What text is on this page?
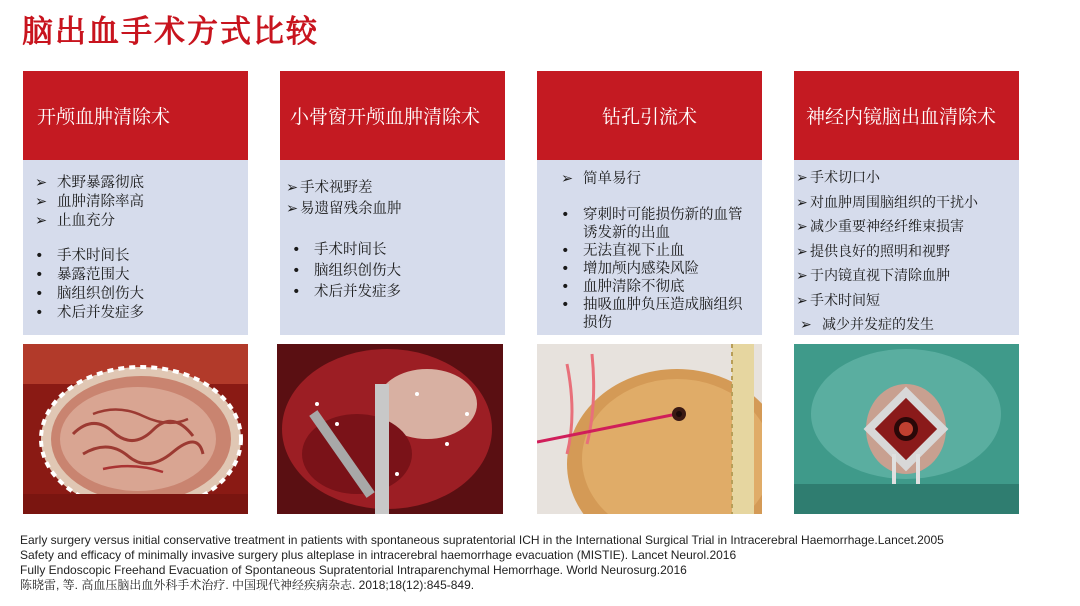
脑出血手术方式比较
开颅血肿清除术
➢ 术野暴露彻底
➢ 血肿清除率高
➢ 止血充分
• 手术时间长
• 暴露范围大
• 脑组织创伤大
• 术后并发症多
小骨窗开颅血肿清除术
➢ 手术视野差
➢ 易遗留残余血肿
• 手术时间长
• 脑组织创伤大
• 术后并发症多
钻孔引流术
➢ 简单易行
• 穿刺时可能损伤新的血管诱发新的出血
• 无法直视下止血
• 增加颅内感染风险
• 血肿清除不彻底
• 抽吸血肿负压造成脑组织损伤
神经内镜脑出血清除术
➢ 手术切口小
➢ 对血肿周围脑组织的干扰小
➢ 减少重要神经纤维束损害
➢ 提供良好的照明和视野
➢ 于内镜直视下清除血肿
➢ 手术时间短
➢ 减少并发症的发生
Early surgery versus initial conservative treatment in patients with spontaneous supratentorial ICH in the International Surgical Trial in Intracerebral Haemorrhage.Lancet.2005
Safety and efficacy of minimally invasive surgery plus alteplase in intracerebral haemorrhage evacuation (MISTIE). Lancet Neurol.2016
Fully Endoscopic Freehand Evacuation of Spontaneous Supratentorial Intraparenchymal Hemorrhage. World Neurosurg.2016
陈晓雷, 等. 高血压脑出血外科手术治疗. 中国现代神经疾病杂志. 2018;18(12):845-849.
